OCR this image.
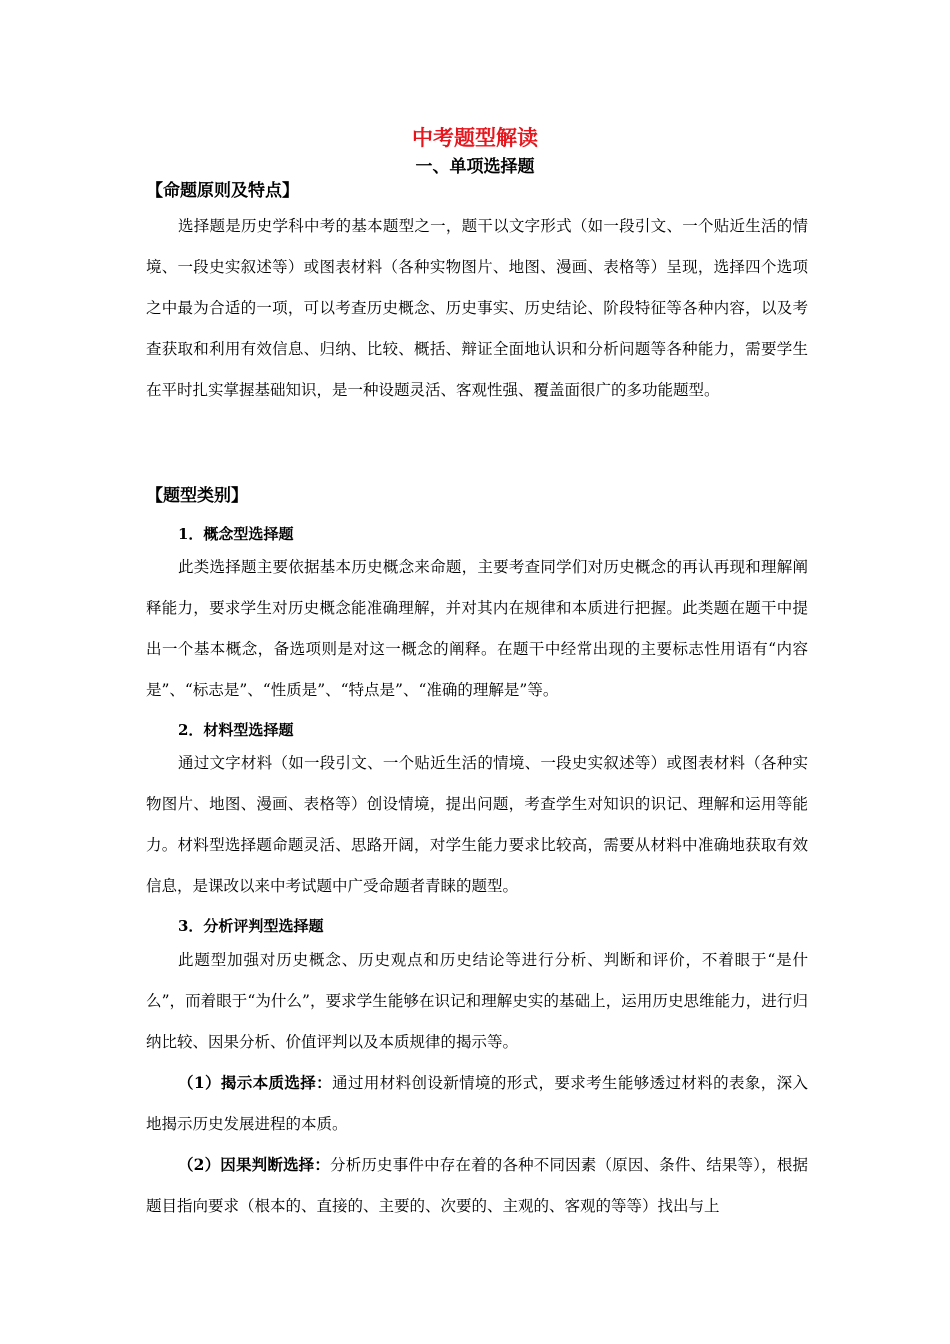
中考题型解读
一、单项选择题
【命题原则及特点】

选择题是历史学科中考的基本题型之一，题干以文字形式（如一段引文、一个贴近生活的情境、一段史实叙述等）或图表材料（各种实物图片、地图、漫画、表格等）呈现，选择四个选项之中最为合适的一项，可以考查历史概念、历史事实、历史结论、阶段特征等各种内容，以及考查获取和利用有效信息、归纳、比较、概括、辩证全面地认识和分析问题等各种能力，需要学生在平时扎实掌握基础知识，是一种设题灵活、客观性强、覆盖面很广的多功能题型。

【题型类别】
1．概念型选择题

此类选择题主要依据基本历史概念来命题，主要考查同学们对历史概念的再认再现和理解阐释能力，要求学生对历史概念能准确理解，并对其内在规律和本质进行把握。此类题在题干中提出一个基本概念，备选项则是对这一概念的阐释。在题干中经常出现的主要标志性用语有“内容是”、“标志是”、“性质是”、“特点是”、“准确的理解是”等。

2．材料型选择题

通过文字材料（如一段引文、一个贴近生活的情境、一段史实叙述等）或图表材料（各种实物图片、地图、漫画、表格等）创设情境，提出问题，考查学生对知识的识记、理解和运用等能力。材料型选择题命题灵活、思路开阔，对学生能力要求比较高，需要从材料中准确地获取有效信息，是课改以来中考试题中广受命题者青睐的题型。

3．分析评判型选择题

此题型加强对历史概念、历史观点和历史结论等进行分析、判断和评价，不着眼于“是什么”，而着眼于“为什么”，要求学生能够在识记和理解史实的基础上，运用历史思维能力，进行归纳比较、因果分析、价值评判以及本质规律的揭示等。

（1）揭示本质选择：通过用材料创设新情境的形式，要求考生能够透过材料的表象，深入地揭示历史发展进程的本质。

（2）因果判断选择：分析历史事件中存在着的各种不同因素（原因、条件、结果等），根据题目指向要求（根本的、直接的、主要的、次要的、主观的、客观的等等）找出与上
